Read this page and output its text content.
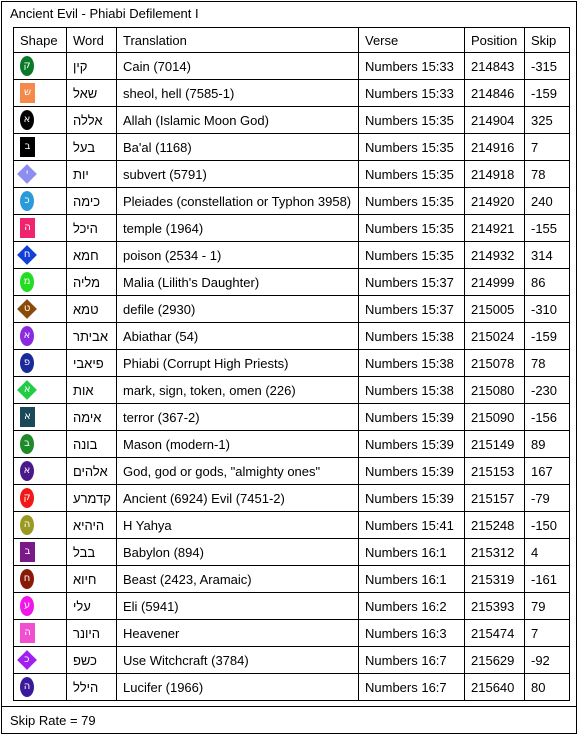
Ancient Evil - Phiabi Defilement I
Shape	Word	Translation	Verse	Position	Skip
ק	קין	Cain (7014)	Numbers 15:33	214843	-315
ש	שאל	sheol, hell (7585-1)	Numbers 15:33	214846	-159
א	אללה	Allah (Islamic Moon God)	Numbers 15:35	214904	325
ב	בעל	Ba'al (1168)	Numbers 15:35	214916	7
י	יות	subvert (5791)	Numbers 15:35	214918	78
כ	כימה	Pleiades (constellation or Typhon 3958)	Numbers 15:35	214920	240
ה	היכל	temple (1964)	Numbers 15:35	214921	-155
ח	חמא	poison (2534 - 1)	Numbers 15:35	214932	314
מ	מליה	Malia (Lilith's Daughter)	Numbers 15:37	214999	86
ט	טמא	defile (2930)	Numbers 15:37	215005	-310
א	אביתר	Abiathar (54)	Numbers 15:38	215024	-159
פ	פיאבי	Phiabi (Corrupt High Priests)	Numbers 15:38	215078	78
א	אות	mark, sign, token, omen (226)	Numbers 15:38	215080	-230
א	אימה	terror (367-2)	Numbers 15:39	215090	-156
ב	בונה	Mason (modern-1)	Numbers 15:39	215149	89
א	אלהים	God, god or gods, "almighty ones"	Numbers 15:39	215153	167
ק	קדמרע	Ancient (6924) Evil (7451-2)	Numbers 15:39	215157	-79
ה	היהיא	H Yahya	Numbers 15:41	215248	-150
ב	בבל	Babylon (894)	Numbers 16:1	215312	4
ח	חיוא	Beast (2423, Aramaic)	Numbers 16:1	215319	-161
ע	עלי	Eli (5941)	Numbers 16:2	215393	79
ה	היונר	Heavener	Numbers 16:3	215474	7
כ	כשפ	Use Witchcraft (3784)	Numbers 16:7	215629	-92
ה	הילל	Lucifer (1966)	Numbers 16:7	215640	80
Skip Rate = 79
